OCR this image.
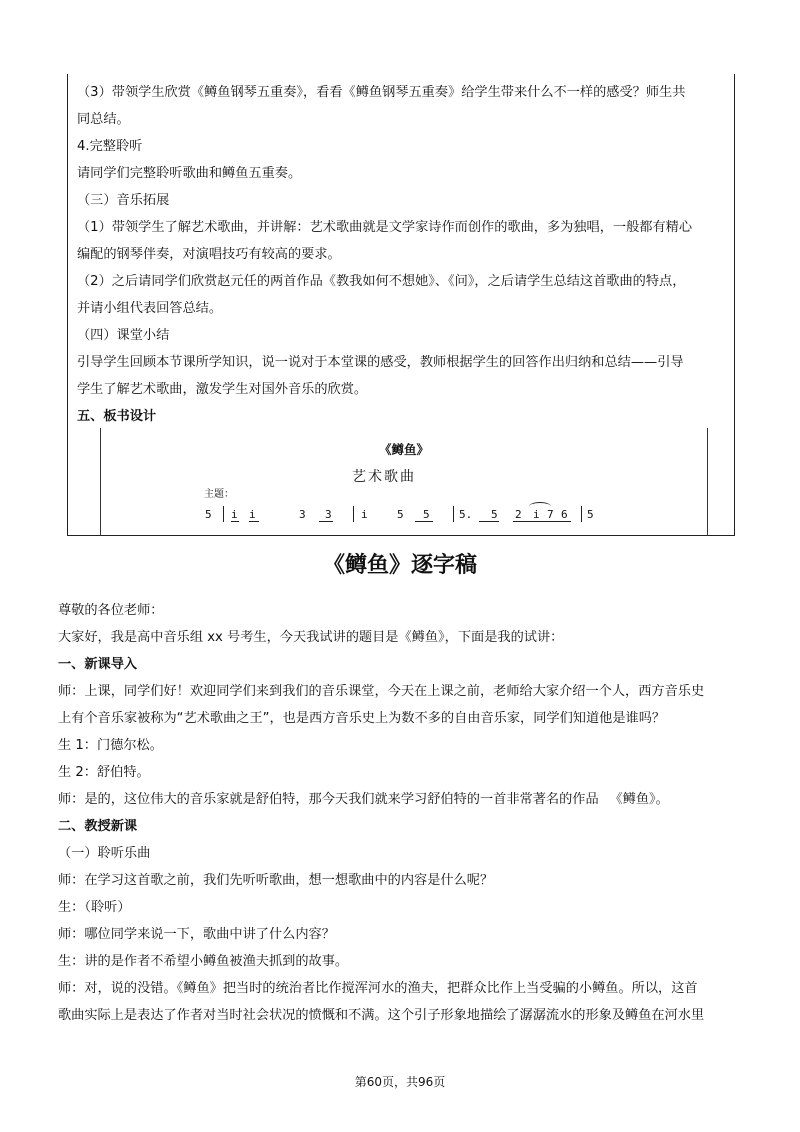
（3）带领学生欣赏《鳟鱼钢琴五重奏》，看看《鳟鱼钢琴五重奏》给学生带来什么不一样的感受？师生共
同总结。
4.完整聆听
请同学们完整聆听歌曲和鳟鱼五重奏。
（三）音乐拓展
（1）带领学生了解艺术歌曲，并讲解：艺术歌曲就是文学家诗作而创作的歌曲，多为独唱，一般都有精心
编配的钢琴伴奏，对演唱技巧有较高的要求。
（2）之后请同学们欣赏赵元任的两首作品《教我如何不想她》、《问》，之后请学生总结这首歌曲的特点，
并请小组代表回答总结。
（四）课堂小结
引导学生回顾本节课所学知识，说一说对于本堂课的感受，教师根据学生的回答作出归纳和总结——引导
学生了解艺术歌曲，激发学生对国外音乐的欣赏。
五、板书设计
《鳟鱼》
艺术歌曲
主题：
5 i i	3 3	i	5 5	5. 5 2 i 7 6 5
《鳟鱼》逐字稿
尊敬的各位老师：
大家好，我是高中音乐组 xx 号考生，今天我试讲的题目是《鳟鱼》，下面是我的试讲：
一、新课导入
师：上课，同学们好！欢迎同学们来到我们的音乐课堂，今天在上课之前，老师给大家介绍一个人，西方音乐史
上有个音乐家被称为“艺术歌曲之王”，也是西方音乐史上为数不多的自由音乐家，同学们知道他是谁吗？
生 1：门德尔松。
生 2：舒伯特。
师：是的，这位伟大的音乐家就是舒伯特，那今天我们就来学习舒伯特的一首非常著名的作品 　《鳟鱼》。
二、教授新课
（一）聆听乐曲
师：在学习这首歌之前，我们先听听歌曲，想一想歌曲中的内容是什么呢？
生：（聆听）
师：哪位同学来说一下，歌曲中讲了什么内容？
生：讲的是作者不希望小鳟鱼被渔夫抓到的故事。
师：对，说的没错。《鳟鱼》把当时的统治者比作搅浑河水的渔夫，把群众比作上当受骗的小鳟鱼。所以，这首
歌曲实际上是表达了作者对当时社会状况的愤慨和不满。这个引子形象地描绘了潺潺流水的形象及鳟鱼在河水里
第60页，共96页
